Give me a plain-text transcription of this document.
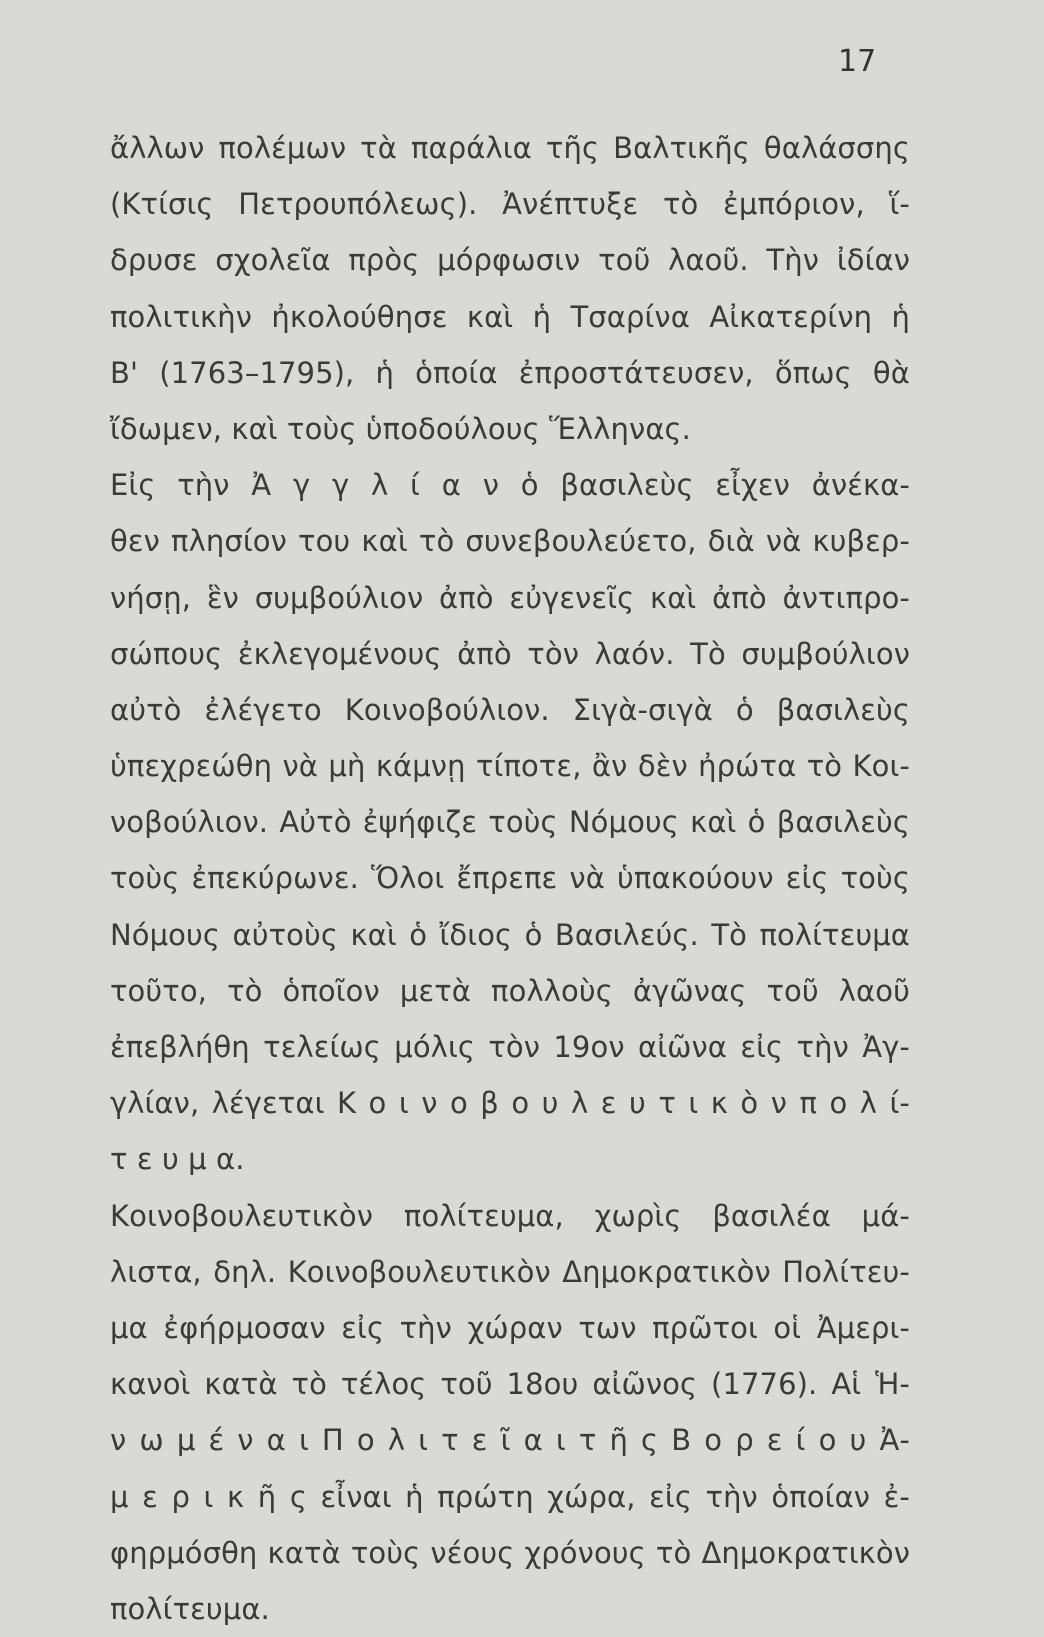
17
ἄλλων πολέμων τὰ παράλια τῆς Βαλτικῆς θαλάσσης
(Κτίσις Πετρουπόλεως). Ἀνέπτυξε τὸ ἐμπόριον, ἵ-
δρυσε σχολεῖα πρὸς μόρφωσιν τοῦ λαοῦ. Τὴν ἰδίαν
πολιτικὴν ἠκολούθησε καὶ ἡ Τσαρίνα Αἰκατερίνη ἡ
Β' (1763–1795), ἡ ὁποία ἐπροστάτευσεν, ὅπως θὰ
ἴδωμεν, καὶ τοὺς ὑποδούλους Ἕλληνας.
Εἰς τὴν Ἀ γ γ λ ί α ν ὁ βασιλεὺς εἶχεν ἀνέκα-
θεν πλησίον του καὶ τὸ συνεβουλεύετο, διὰ νὰ κυβερ-
νήσῃ, ἓν συμβούλιον ἀπὸ εὐγενεῖς καὶ ἀπὸ ἀντιπρο-
σώπους ἐκλεγομένους ἀπὸ τὸν λαόν. Τὸ συμβούλιον
αὐτὸ ἐλέγετο Κοινοβούλιον. Σιγὰ-σιγὰ ὁ βασιλεὺς
ὑπεχρεώθη νὰ μὴ κάμνῃ τίποτε, ἂν δὲν ἠρώτα τὸ Κοι-
νοβούλιον. Αὐτὸ ἐψήφιζε τοὺς Νόμους καὶ ὁ βασιλεὺς
τοὺς ἐπεκύρωνε. Ὅλοι ἔπρεπε νὰ ὑπακούουν εἰς τοὺς
Νόμους αὐτοὺς καὶ ὁ ἴδιος ὁ Βασιλεύς. Τὸ πολίτευμα
τοῦτο, τὸ ὁποῖον μετὰ πολλοὺς ἀγῶνας τοῦ λαοῦ
ἐπεβλήθη τελείως μόλις τὸν 19ον αἰῶνα εἰς τὴν Ἀγ-
γλίαν, λέγεται Κ ο ι ν ο β ο υ λ ε υ τ ι κ ὸ ν π ο λ ί-
τ ε υ μ α.
Κοινοβουλευτικὸν πολίτευμα, χωρὶς βασιλέα μά-
λιστα, δηλ. Κοινοβουλευτικὸν Δημοκρατικὸν Πολίτευ-
μα ἐφήρμοσαν εἰς τὴν χώραν των πρῶτοι οἱ Ἀμερι-
κανοὶ κατὰ τὸ τέλος τοῦ 18ου αἰῶνος (1776). Αἱ Ἡ-
ν ω μ έ ν α ι Π ο λ ι τ ε ῖ α ι τ ῆ ς Β ο ρ ε ί ο υ Ἀ-
μ ε ρ ι κ ῆ ς εἶναι ἡ πρώτη χώρα, εἰς τὴν ὁποίαν ἐ-
φηρμόσθη κατὰ τοὺς νέους χρόνους τὸ Δημοκρατικὸν
πολίτευμα.
